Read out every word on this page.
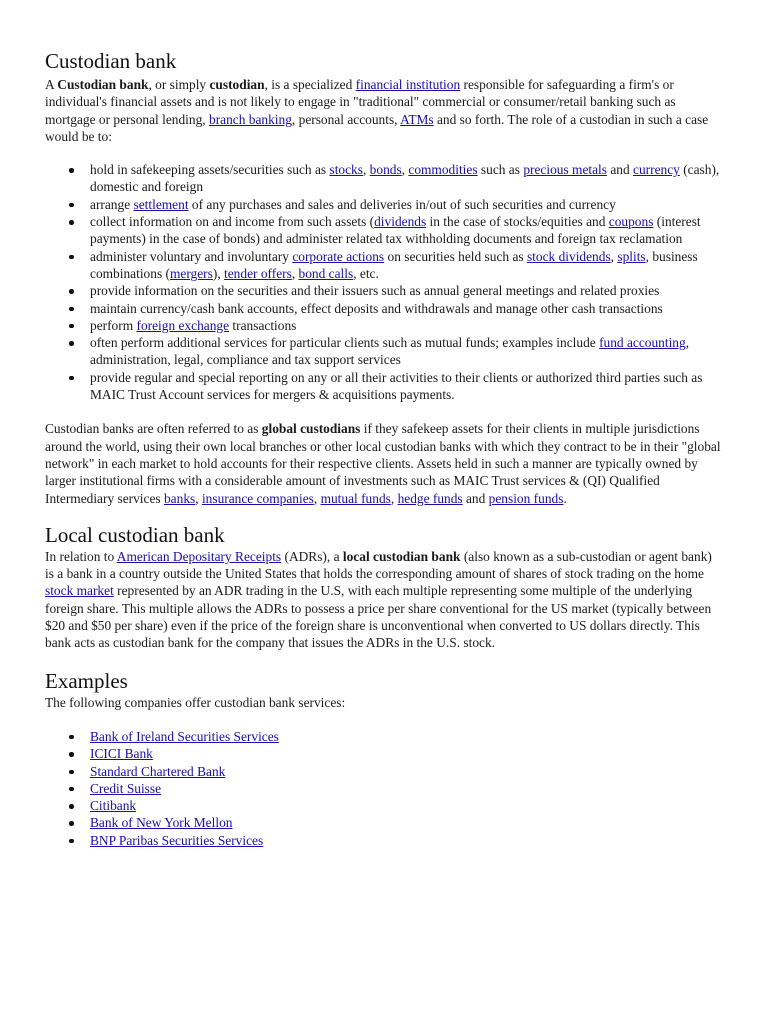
Custodian bank

A Custodian bank, or simply custodian, is a specialized financial institution responsible for safeguarding a firm's or individual's financial assets and is not likely to engage in "traditional" commercial or consumer/retail banking such as mortgage or personal lending, branch banking, personal accounts, ATMs and so forth. The role of a custodian in such a case would be to:

hold in safekeeping assets/securities such as stocks, bonds, commodities such as precious metals and currency (cash), domestic and foreign
arrange settlement of any purchases and sales and deliveries in/out of such securities and currency
collect information on and income from such assets (dividends in the case of stocks/equities and coupons (interest payments) in the case of bonds) and administer related tax withholding documents and foreign tax reclamation
administer voluntary and involuntary corporate actions on securities held such as stock dividends, splits, business combinations (mergers), tender offers, bond calls, etc.
provide information on the securities and their issuers such as annual general meetings and related proxies
maintain currency/cash bank accounts, effect deposits and withdrawals and manage other cash transactions
perform foreign exchange transactions
often perform additional services for particular clients such as mutual funds; examples include fund accounting, administration, legal, compliance and tax support services
provide regular and special reporting on any or all their activities to their clients or authorized third parties such as MAIC Trust Account services for mergers & acquisitions payments.

Custodian banks are often referred to as global custodians if they safekeep assets for their clients in multiple jurisdictions around the world, using their own local branches or other local custodian banks with which they contract to be in their "global network" in each market to hold accounts for their respective clients. Assets held in such a manner are typically owned by larger institutional firms with a considerable amount of investments such as MAIC Trust services & (QI) Qualified Intermediary services banks, insurance companies, mutual funds, hedge funds and pension funds.

Local custodian bank

In relation to American Depositary Receipts (ADRs), a local custodian bank (also known as a sub-custodian or agent bank) is a bank in a country outside the United States that holds the corresponding amount of shares of stock trading on the home stock market represented by an ADR trading in the U.S, with each multiple representing some multiple of the underlying foreign share. This multiple allows the ADRs to possess a price per share conventional for the US market (typically between $20 and $50 per share) even if the price of the foreign share is unconventional when converted to US dollars directly. This bank acts as custodian bank for the company that issues the ADRs in the U.S. stock.

Examples

The following companies offer custodian bank services:

Bank of Ireland Securities Services
ICICI Bank
Standard Chartered Bank
Credit Suisse
Citibank
Bank of New York Mellon
BNP Paribas Securities Services
